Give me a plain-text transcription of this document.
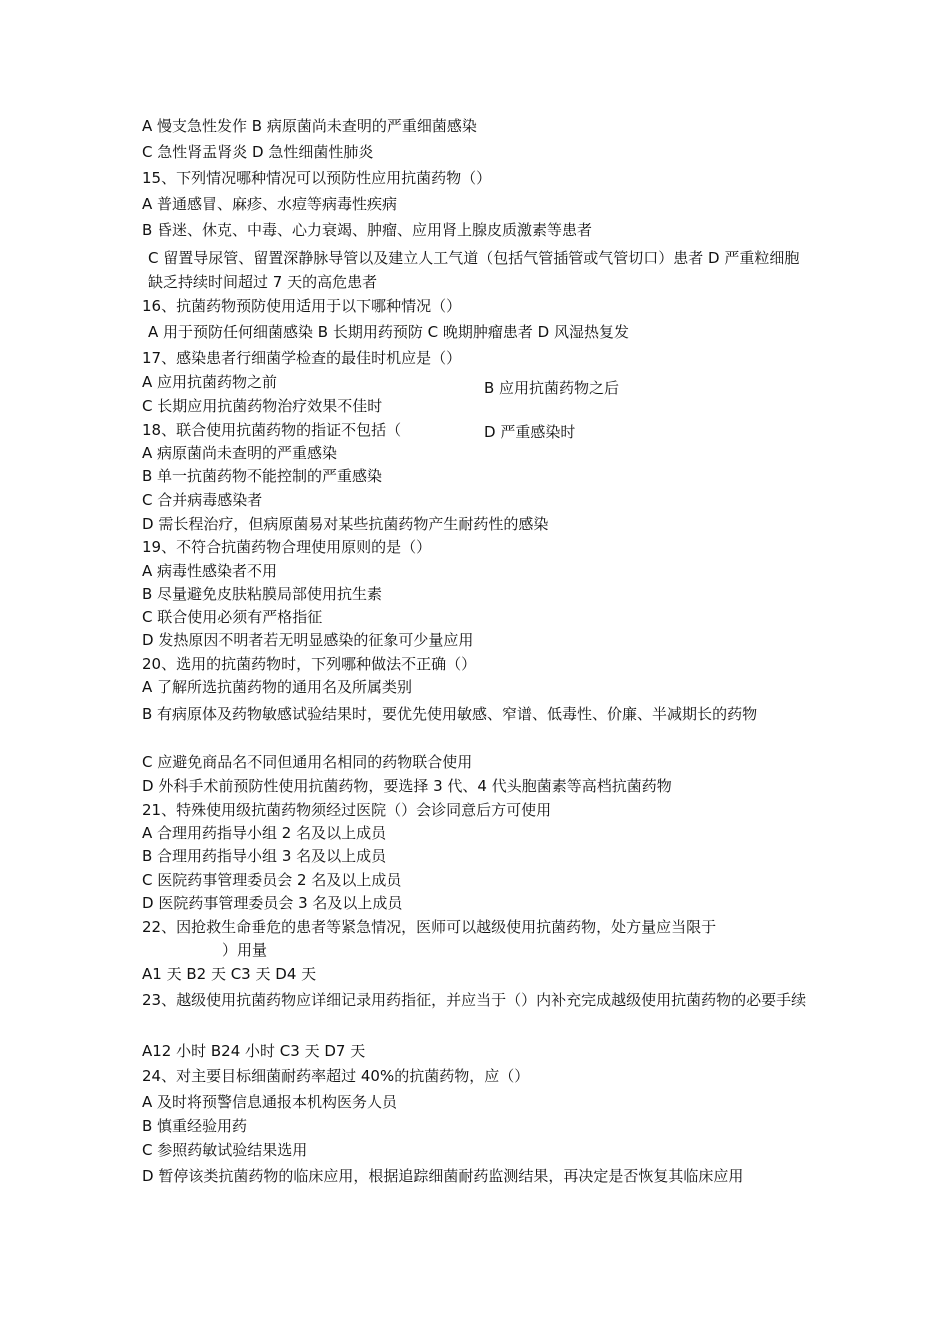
A 慢支急性发作 B 病原菌尚未查明的严重细菌感染
C 急性肾盂肾炎 D 急性细菌性肺炎
15、下列情况哪种情况可以预防性应用抗菌药物（）
A 普通感冒、麻疹、水痘等病毒性疾病
B 昏迷、休克、中毒、心力衰竭、肿瘤、应用肾上腺皮质激素等患者
C 留置导尿管、留置深静脉导管以及建立人工气道（包括气管插管或气管切口）患者 D 严重粒细胞缺乏持续时间超过 7 天的高危患者
16、抗菌药物预防使用适用于以下哪种情况（）
A 用于预防任何细菌感染 B 长期用药预防 C 晚期肿瘤患者 D 风湿热复发
17、感染患者行细菌学检查的最佳时机应是（）
A 应用抗菌药物之前	B 应用抗菌药物之后
C 长期应用抗菌药物治疗效果不佳时
18、联合使用抗菌药物的指证不包括（	D 严重感染时
A 病原菌尚未查明的严重感染
B 单一抗菌药物不能控制的严重感染
C 合并病毒感染者
D 需长程治疗，但病原菌易对某些抗菌药物产生耐药性的感染
19、不符合抗菌药物合理使用原则的是（）
A 病毒性感染者不用
B 尽量避免皮肤粘膜局部使用抗生素
C 联合使用必须有严格指征
D 发热原因不明者若无明显感染的征象可少量应用
20、选用的抗菌药物时，下列哪种做法不正确（）
A 了解所选抗菌药物的通用名及所属类别
B 有病原体及药物敏感试验结果时，要优先使用敏感、窄谱、低毒性、价廉、半减期长的药物
C 应避免商品名不同但通用名相同的药物联合使用
D 外科手术前预防性使用抗菌药物，要选择 3 代、4 代头胞菌素等高档抗菌药物
21、特殊使用级抗菌药物须经过医院（）会诊同意后方可使用
A 合理用药指导小组 2 名及以上成员
B 合理用药指导小组 3 名及以上成员
C 医院药事管理委员会 2 名及以上成员
D 医院药事管理委员会 3 名及以上成员
22、因抢救生命垂危的患者等紧急情况，医师可以越级使用抗菌药物，处方量应当限于
）用量
A1 天 B2 天 C3 天 D4 天
23、越级使用抗菌药物应详细记录用药指征，并应当于（）内补充完成越级使用抗菌药物的必要手续
A12 小时 B24 小时 C3 天 D7 天
24、对主要目标细菌耐药率超过 40%的抗菌药物，应（）
A 及时将预警信息通报本机构医务人员
B 慎重经验用药
C 参照药敏试验结果选用
D 暂停该类抗菌药物的临床应用，根据追踪细菌耐药监测结果，再决定是否恢复其临床应用
